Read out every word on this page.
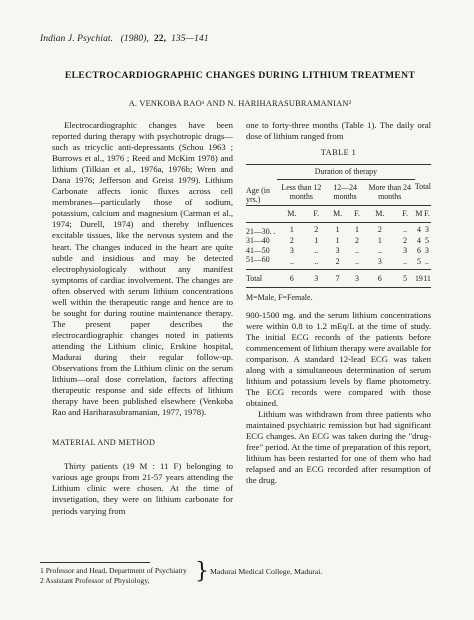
Indian J. Psychiat. (1980), 22, 135—141
ELECTROCARDIOGRAPHIC CHANGES DURING LITHIUM TREATMENT
A. VENKOBA RAO¹ AND N. HARIHARASUBRAMANIAN²

Electrocardiographic changes have been reported during therapy with psychotropic drugs—such as tricyclic anti-depressants (Schou 1963 ; Burrows et al., 1976 ; Reed and McKim 1978) and lithium (Tilkian et al., 1976a, 1976b; Wren and Dana 1976; Jefferson and Greist 1979). Lithium Carbonate affects ionic fluxes across cell membranes—particularly those of sodium, potassium, calcium and magnesium (Carman et al., 1974; Durell, 1974) and thereby influences excitable tissues, like the nervous system and the heart. The changes induced in the heart are quite subtle and insidious and may be detected electrophysiologicaly without any manifest symptoms of cardiac involvement. The changes are often observed with serum lithium concentrations well within the therapeutic range and hence are to be sought for during routine maintenance therapy. The present paper describes the electrocardiographic changes noted in patients attending the Lithium clinic, Erskine hospital, Madurai during their regular follow-up. Observations from the Lithium clinic on the serum lithium—oral dose correlation, factors affecting therapeutic response and side effects of lithium therapy have been published elsewhere (Venkoba Rao and Hariharasubramanian, 1977, 1978).

MATERIAL AND METHOD

Thirty patients (19 M : 11 F) belonging to various age groups from 21-57 years attending the Lithium clinic were chosen. At the time of invsetigation, they were on lithium carbonate for periods varying from

one to forty-three months (Table 1). The daily oral dose of lithium ranged from

TABLE 1

	Duration of therapy							
Age (in yrs.)	Less than 12 months		12—24 months		More than 24 months		Total	
	M.	F.	M.	F.	M.	F.	M	F.
21—30. .	1	2	1	1	2	..	4	3
31—40	2	1	1	2	1	2	4	5
41—50	3	..	3	..	..	3	6	3
51—60	..	..	2	..	3	..	5	..
Total	6	3	7	3	6	5	19	11

M=Male, F=Female.

900-1500 mg. and the serum lithium concentrations were within 0.8 to 1.2 mEq/L at the time of study. The initial ECG records of the patients before commencement of lithium therapy were available for comparison. A standard 12-lead ECG was taken along with a simultaneous determination of serum lithium and potassium levels by flame photometry. The ECG records were compared with those obtained.

Lithium was withdrawn from three patients who maintained psychiatric remission but had significant ECG changes. An ECG was taken during the "drug-free" period. At the time of preparation of this report, lithium has been restarted for one of them who had relapsed and an ECG recorded after resumption of the drug.

1 Professor and Head, Department of Psychiatry
2 Assistant Professor of Physiology, } Madurai Medical College, Madurai.
